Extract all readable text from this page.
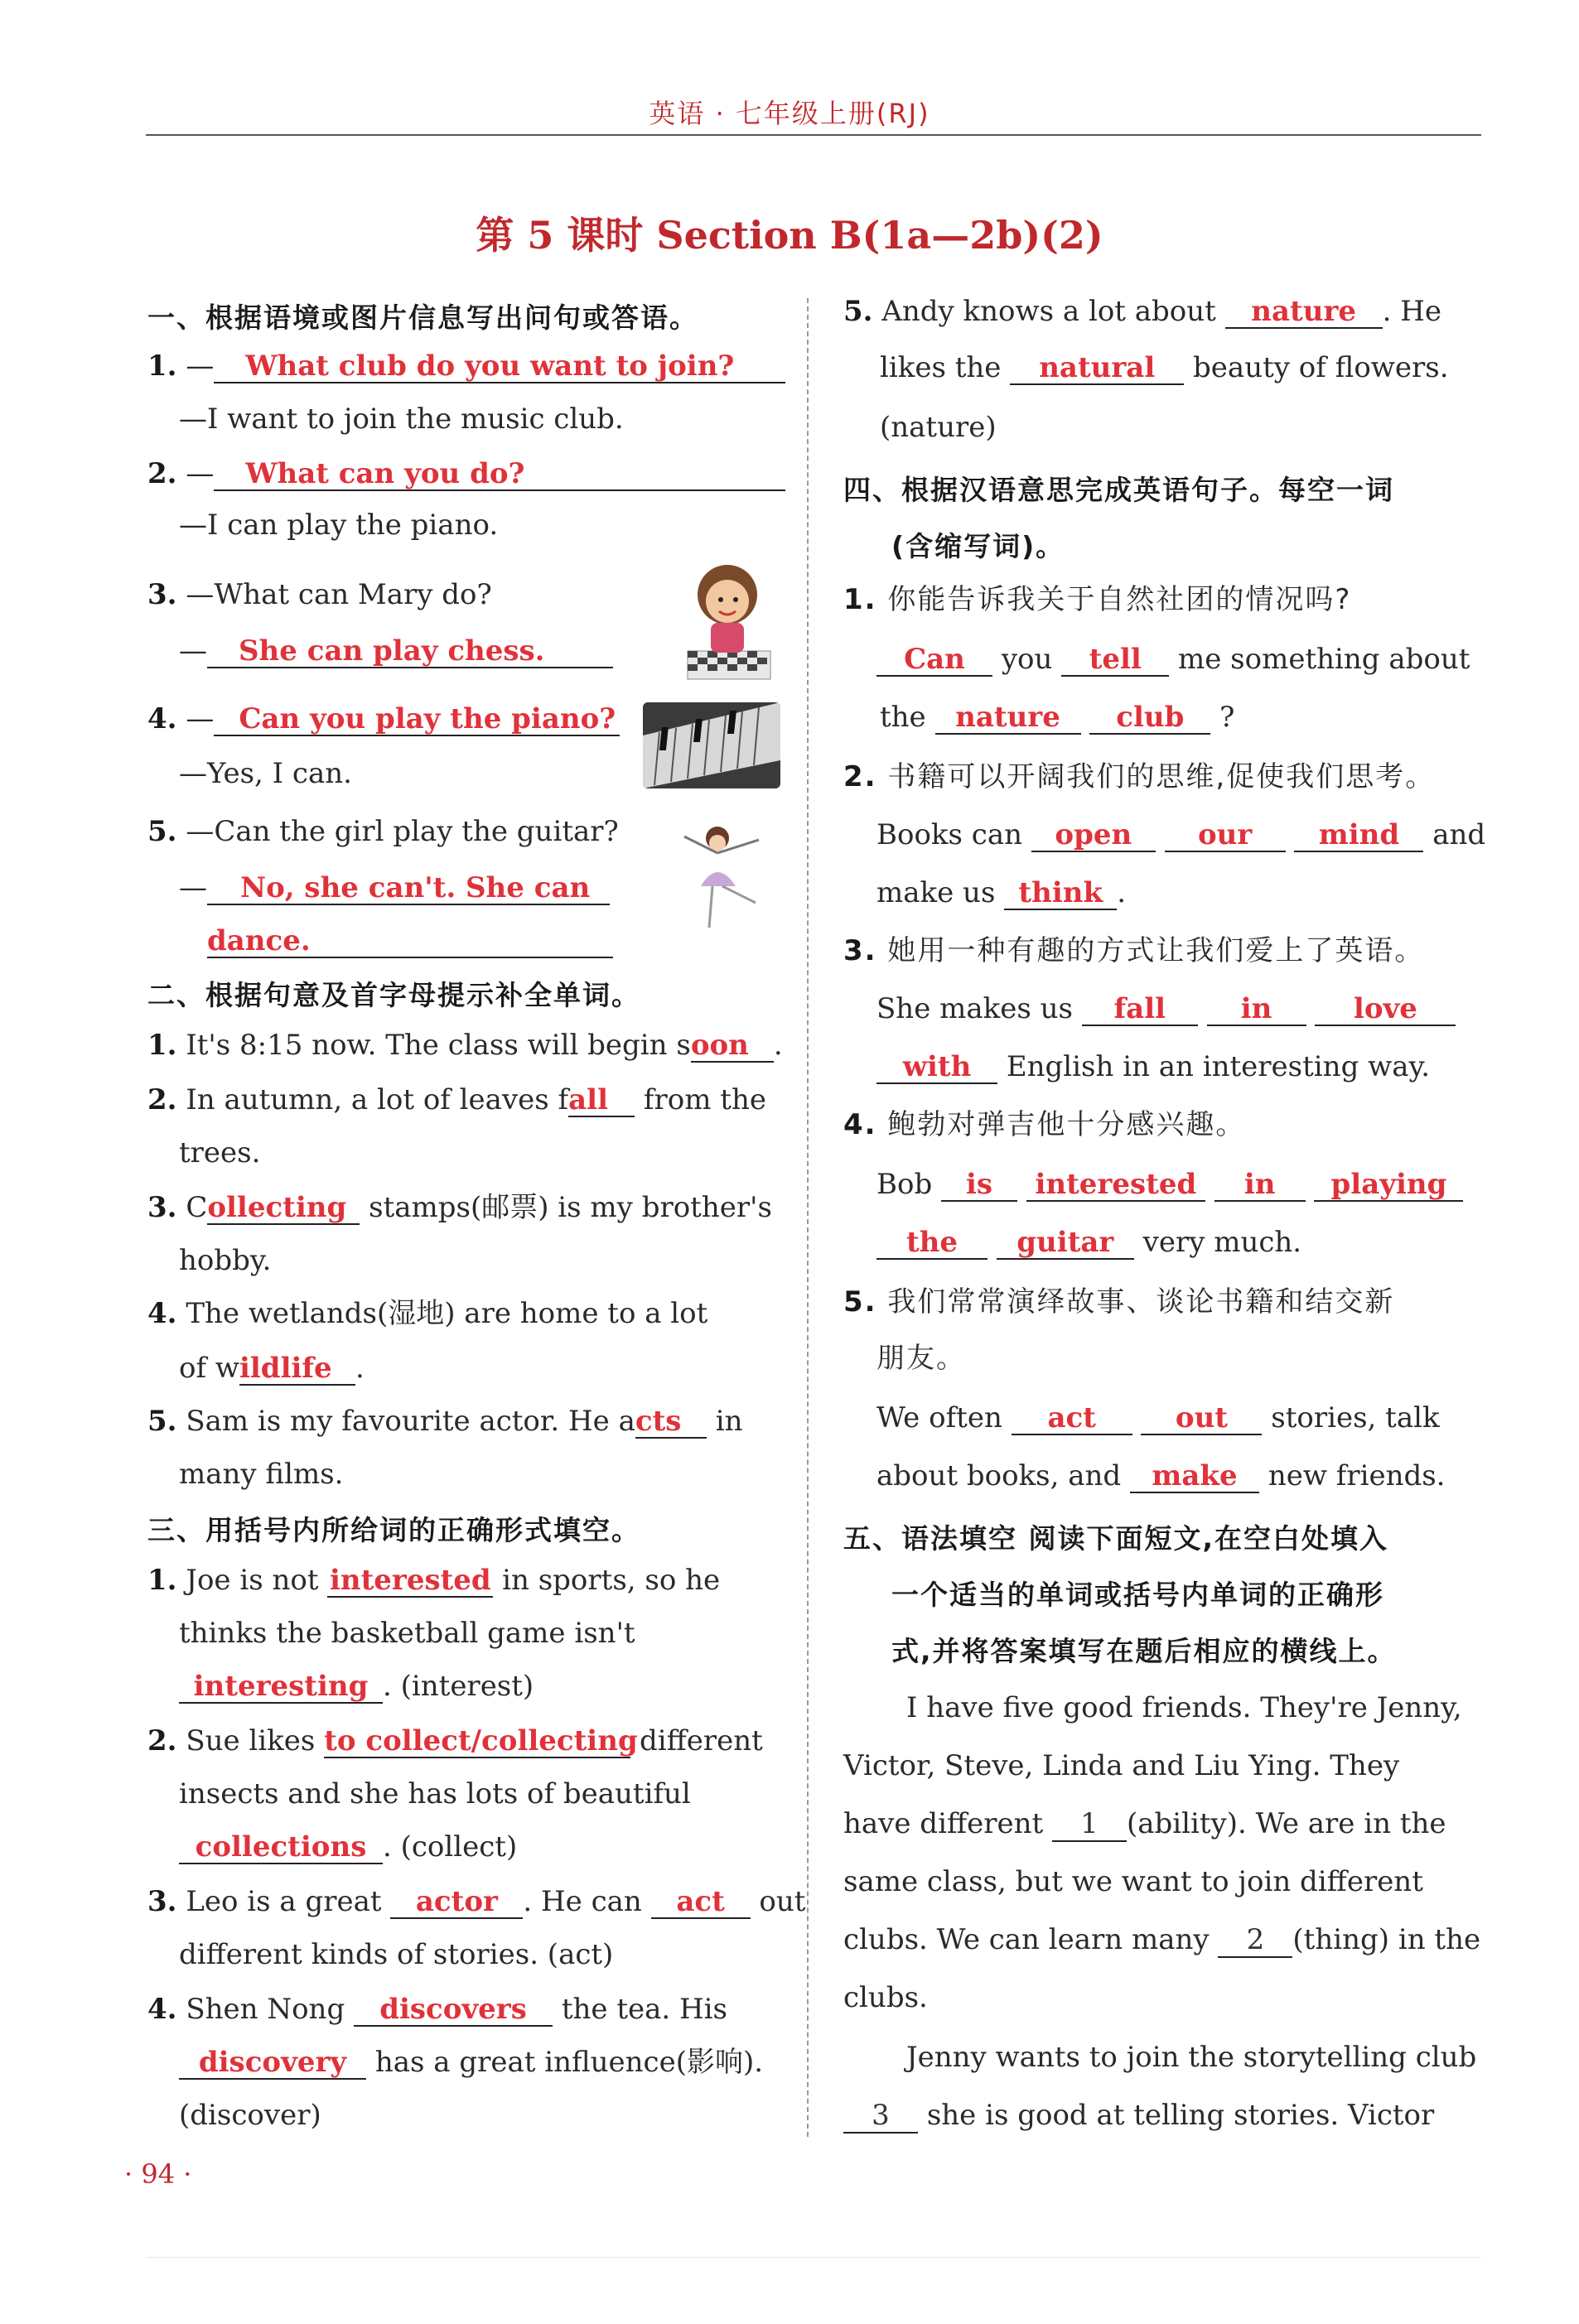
英语 · 七年级上册(RJ)
第 5 课时 Section B(1a—2b)(2)
一、根据语境或图片信息写出问句或答语。
1. — What club do you want to join?
—I want to join the music club.
2. — What can you do?
—I can play the piano.
3. —What can Mary do?
— She can play chess.
4. — Can you play the piano?
—Yes, I can.
5. —Can the girl play the guitar?
— No, she can't. She can
dance.
二、根据句意及首字母提示补全单词。
1. It's 8:15 now. The class will begin soon .
2. In autumn, a lot of leaves fall from the
trees.
3. Collecting stamps(邮票) is my brother's
hobby.
4. The wetlands(湿地) are home to a lot
of wildlife .
5. Sam is my favourite actor. He acts in
many films.
三、用括号内所给词的正确形式填空。
1. Joe is not interested in sports, so he
thinks the basketball game isn't
interesting . (interest)
2. Sue likes to collect/collecting different
insects and she has lots of beautiful
collections . (collect)
3. Leo is a great actor . He can act out
different kinds of stories. (act)
4. Shen Nong discovers the tea. His
discovery has a great influence(影响).
(discover)
· 94 ·
5. Andy knows a lot about nature . He
likes the natural beauty of flowers.
(nature)
四、根据汉语意思完成英语句子。每空一词
(含缩写词)。
1. 你能告诉我关于自然社团的情况吗?
Can you tell me something about
the nature club ?
2. 书籍可以开阔我们的思维,促使我们思考。
Books can open our mind and
make us think .
3. 她用一种有趣的方式让我们爱上了英语。
She makes us fall	in	love
with English in an interesting way.
4. 鲍勃对弹吉他十分感兴趣。
Bob is interested in playing
the guitar very much.
5. 我们常常演绎故事、谈论书籍和结交新
朋友。
We often act	out stories, talk
about books, and make new friends.
五、语法填空 阅读下面短文,在空白处填入
一个适当的单词或括号内单词的正确形
式,并将答案填写在题后相应的横线上。
I have five good friends. They're Jenny,
Victor, Steve, Linda and Liu Ying. They
have different 1 (ability). We are in the
same class, but we want to join different
clubs. We can learn many 2 (thing) in the
clubs.
Jenny wants to join the storytelling club
3 she is good at telling stories. Victor
